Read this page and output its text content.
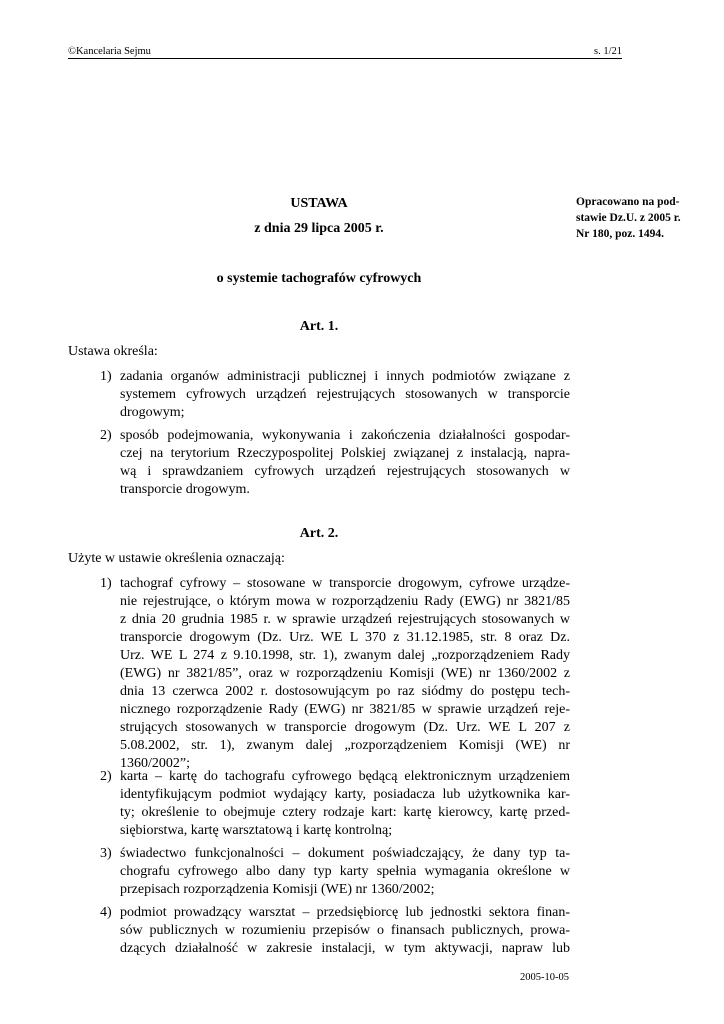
©Kancelaria Sejmu	s. 1/21
Opracowano na pod-
stawie Dz.U. z 2005 r.
Nr 180, poz. 1494.
USTAWA
z dnia 29 lipca 2005 r.
o systemie tachografów cyfrowych
Art. 1.
Ustawa określa:
1) zadania organów administracji publicznej i innych podmiotów związane z
systemem cyfrowych urządzeń rejestrujących stosowanych w transporcie
drogowym;
2) sposób podejmowania, wykonywania i zakończenia działalności gospodar-
czej na terytorium Rzeczypospolitej Polskiej związanej z instalacją, napra-
wą i sprawdzaniem cyfrowych urządzeń rejestrujących stosowanych w
transporcie drogowym.
Art. 2.
Użyte w ustawie określenia oznaczają:
1) tachograf cyfrowy – stosowane w transporcie drogowym, cyfrowe urządze-
nie rejestrujące, o którym mowa w rozporządzeniu Rady (EWG) nr 3821/85
z dnia 20 grudnia 1985 r. w sprawie urządzeń rejestrujących stosowanych w
transporcie drogowym (Dz. Urz. WE L 370 z 31.12.1985, str. 8 oraz Dz.
Urz. WE L 274 z 9.10.1998, str. 1), zwanym dalej „rozporządzeniem Rady
(EWG) nr 3821/85”, oraz w rozporządzeniu Komisji (WE) nr 1360/2002 z
dnia 13 czerwca 2002 r. dostosowującym po raz siódmy do postępu tech-
nicznego rozporządzenie Rady (EWG) nr 3821/85 w sprawie urządzeń reje-
strujących stosowanych w transporcie drogowym (Dz. Urz. WE L 207 z
5.08.2002, str. 1), zwanym dalej „rozporządzeniem Komisji (WE) nr
1360/2002”;
2) karta – kartę do tachografu cyfrowego będącą elektronicznym urządzeniem
identyfikującym podmiot wydający karty, posiadacza lub użytkownika kar-
ty; określenie to obejmuje cztery rodzaje kart: kartę kierowcy, kartę przed-
siębiorstwa, kartę warsztatową i kartę kontrolną;
3) świadectwo funkcjonalności – dokument poświadczający, że dany typ ta-
chografu cyfrowego albo dany typ karty spełnia wymagania określone w
przepisach rozporządzenia Komisji (WE) nr 1360/2002;
4) podmiot prowadzący warsztat – przedsiębiorcę lub jednostki sektora finan-
sów publicznych w rozumieniu przepisów o finansach publicznych, prowa-
dzących działalność w zakresie instalacji, w tym aktywacji, napraw lub
2005-10-05
